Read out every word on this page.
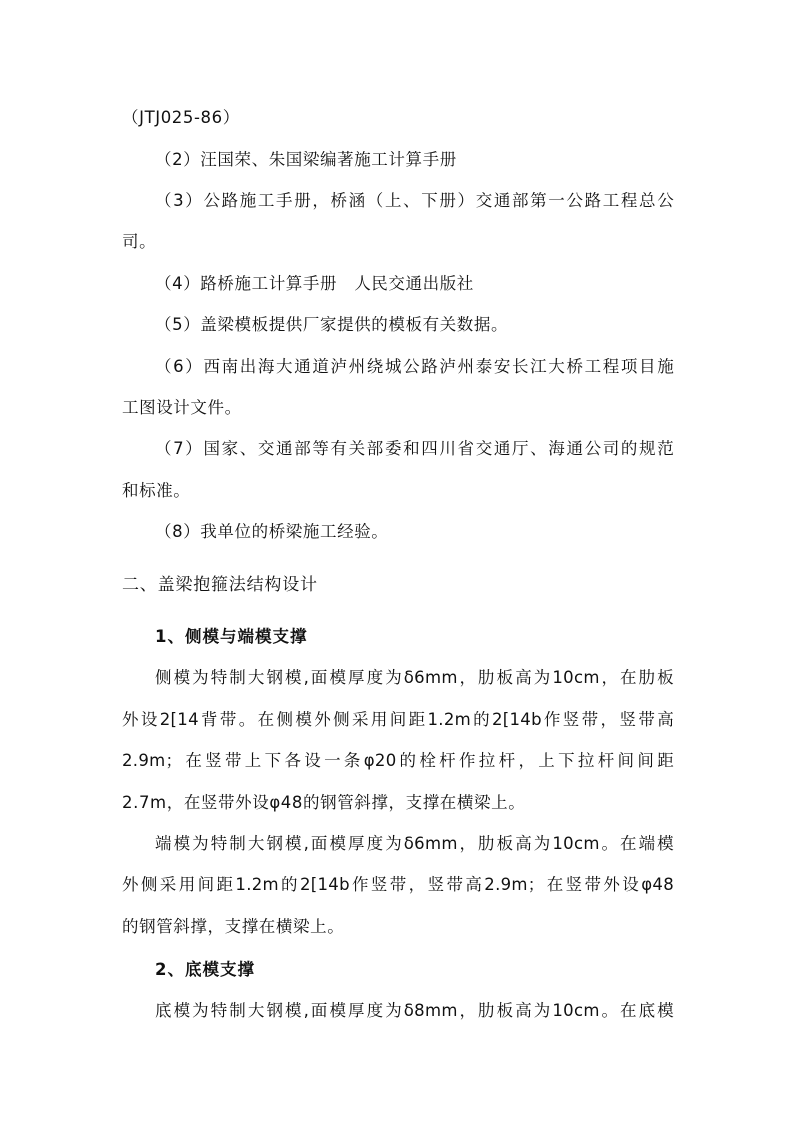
（JTJ025-86）
（2）汪国荣、朱国梁编著施工计算手册
（3）公路施工手册，桥涵（上、下册）交通部第一公路工程总公
司。
（4）路桥施工计算手册　人民交通出版社
（5）盖梁模板提供厂家提供的模板有关数据。
（6）西南出海大通道泸州绕城公路泸州泰安长江大桥工程项目施
工图设计文件。
（7）国家、交通部等有关部委和四川省交通厅、海通公司的规范
和标准。
（8）我单位的桥梁施工经验。
二、盖梁抱箍法结构设计
1、侧模与端模支撑
侧模为特制大钢模,面模厚度为δ6mm，肋板高为10cm，在肋板
外设2[14背带。在侧模外侧采用间距1.2m的2[14b作竖带，竖带高
2.9m；在竖带上下各设一条φ20的栓杆作拉杆，上下拉杆间间距
2.7m，在竖带外设φ48的钢管斜撑，支撑在横梁上。
端模为特制大钢模,面模厚度为δ6mm，肋板高为10cm。在端模
外侧采用间距1.2m的2[14b作竖带，竖带高2.9m；在竖带外设φ48
的钢管斜撑，支撑在横梁上。
2、底模支撑
底模为特制大钢模,面模厚度为δ8mm，肋板高为10cm。在底模
